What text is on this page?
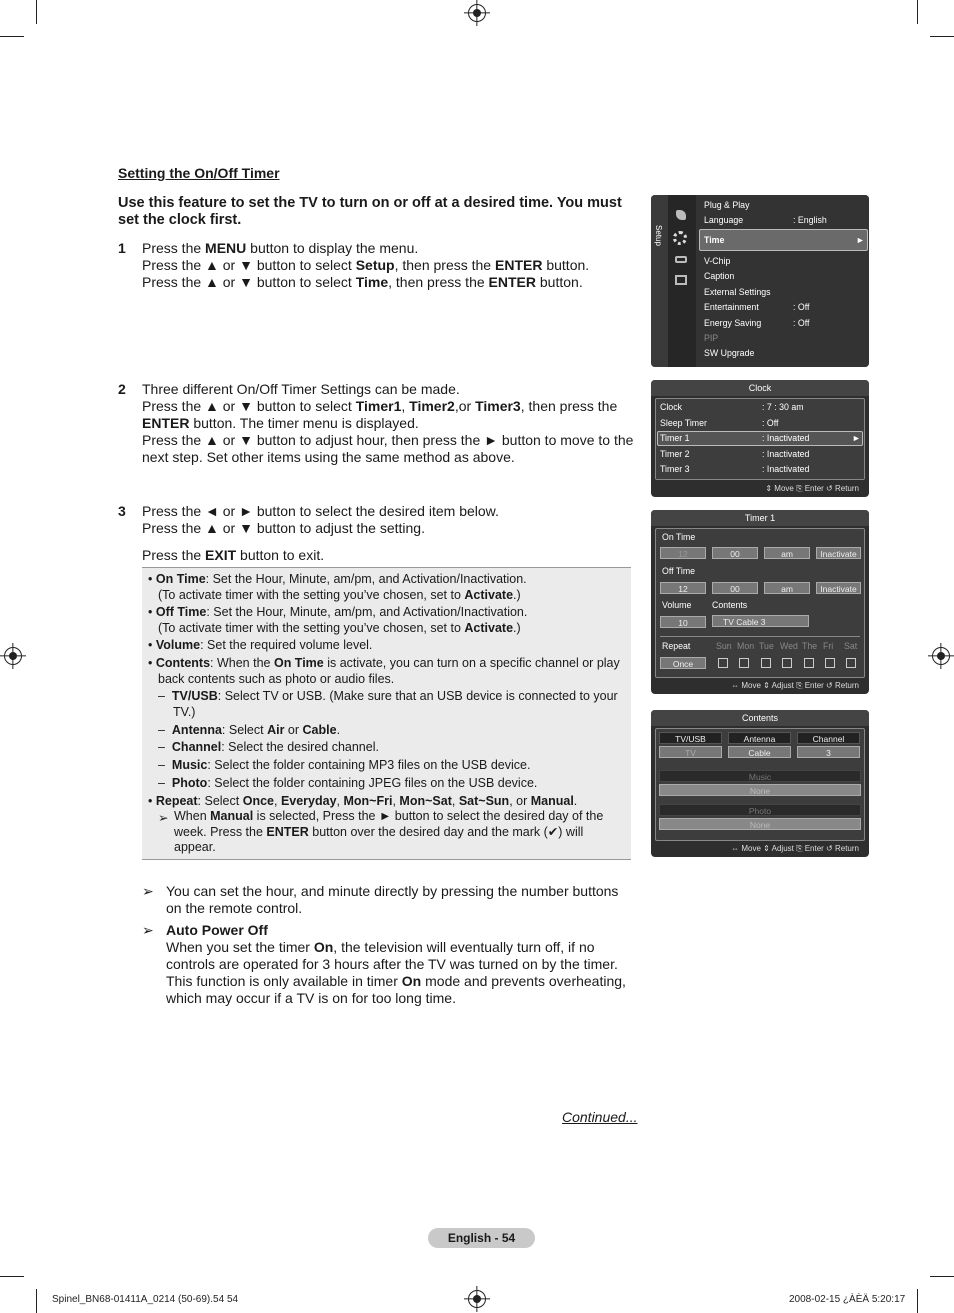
Setting the On/Off Timer
Use this feature to set the TV to turn on or off at a desired time. You must set the clock first.
1 Press the MENU button to display the menu.

Press the ▲ or ▼ button to select Setup, then press the ENTER button.

Press the ▲ or ▼ button to select Time, then press the ENTER button.

2 Three different On/Off Timer Settings can be made.

Press the ▲ or ▼ button to select Timer1, Timer2,or Timer3, then press the ENTER button. The timer menu is displayed.

Press the ▲ or ▼ button to adjust hour, then press the ► button to move to the next step. Set other items using the same method as above.

3 Press the ◄ or ► button to select the desired item below.

Press the ▲ or ▼ button to adjust the setting.

Press the EXIT button to exit.

• On Time: Set the Hour, Minute, am/pm, and Activation/Inactivation.
(To activate timer with the setting you’ve chosen, set to Activate.)
• Off Time: Set the Hour, Minute, am/pm, and Activation/Inactivation.
(To activate timer with the setting you’ve chosen, set to Activate.)
• Volume: Set the required volume level.
• Contents: When the On Time is activate, you can turn on a specific channel or play back contents such as photo or audio files.
–  TV/USB: Select TV or USB. (Make sure that an USB device is connected to your TV.)
–  Antenna: Select Air or Cable.
–  Channel: Select the desired channel.
–  Music: Select the folder containing MP3 files on the USB device.
–  Photo: Select the folder containing JPEG files on the USB device.
• Repeat: Select Once, Everyday, Mon~Fri, Mon~Sat, Sat~Sun, or Manual.
➢ When Manual is selected, Press the ► button to select the desired day of the week. Press the ENTER button over the desired day and the mark (✔) will appear.
➢ You can set the hour, and minute directly by pressing the number buttons on the remote control.
➢ Auto Power Off
When you set the timer On, the television will eventually turn off, if no controls are operated for 3 hours after the TV was turned on by the timer. This function is only available in timer On mode and prevents overheating, which may occur if a TV is on for too long time.
Continued...
English - 54
Spinel_BN68-01411A_0214 (50-69).54 54	2008-02-15 ¿ÀÈÄ 5:20:17
Setup
Plug & Play
Language	: English
Time	►
V-Chip
Caption
External Settings
Entertainment	: Off
Energy Saving	: Off
PIP
SW Upgrade
Clock
Clock	: 7 : 30 am
Sleep Timer	: Off
Timer 1	: Inactivated	►
Timer 2	: Inactivated
Timer 3	: Inactivated
⇕ Move ⎘ Enter ↺ Return
Timer 1
On Time
12	00	am	Inactivate
Off Time
12	00	am	Inactivate
Volume Contents
10	TV Cable 3
Repeat	Sun Mon Tue Wed The Fri Sat
Once
⇔ Move ⇕ Adjust ⎘ Enter ↺ Return
Contents
TV/USB	Antenna	Channel
TV	Cable	3
Music
None
Photo
None
⇔ Move ⇕ Adjust ⎘ Enter ↺ Return
